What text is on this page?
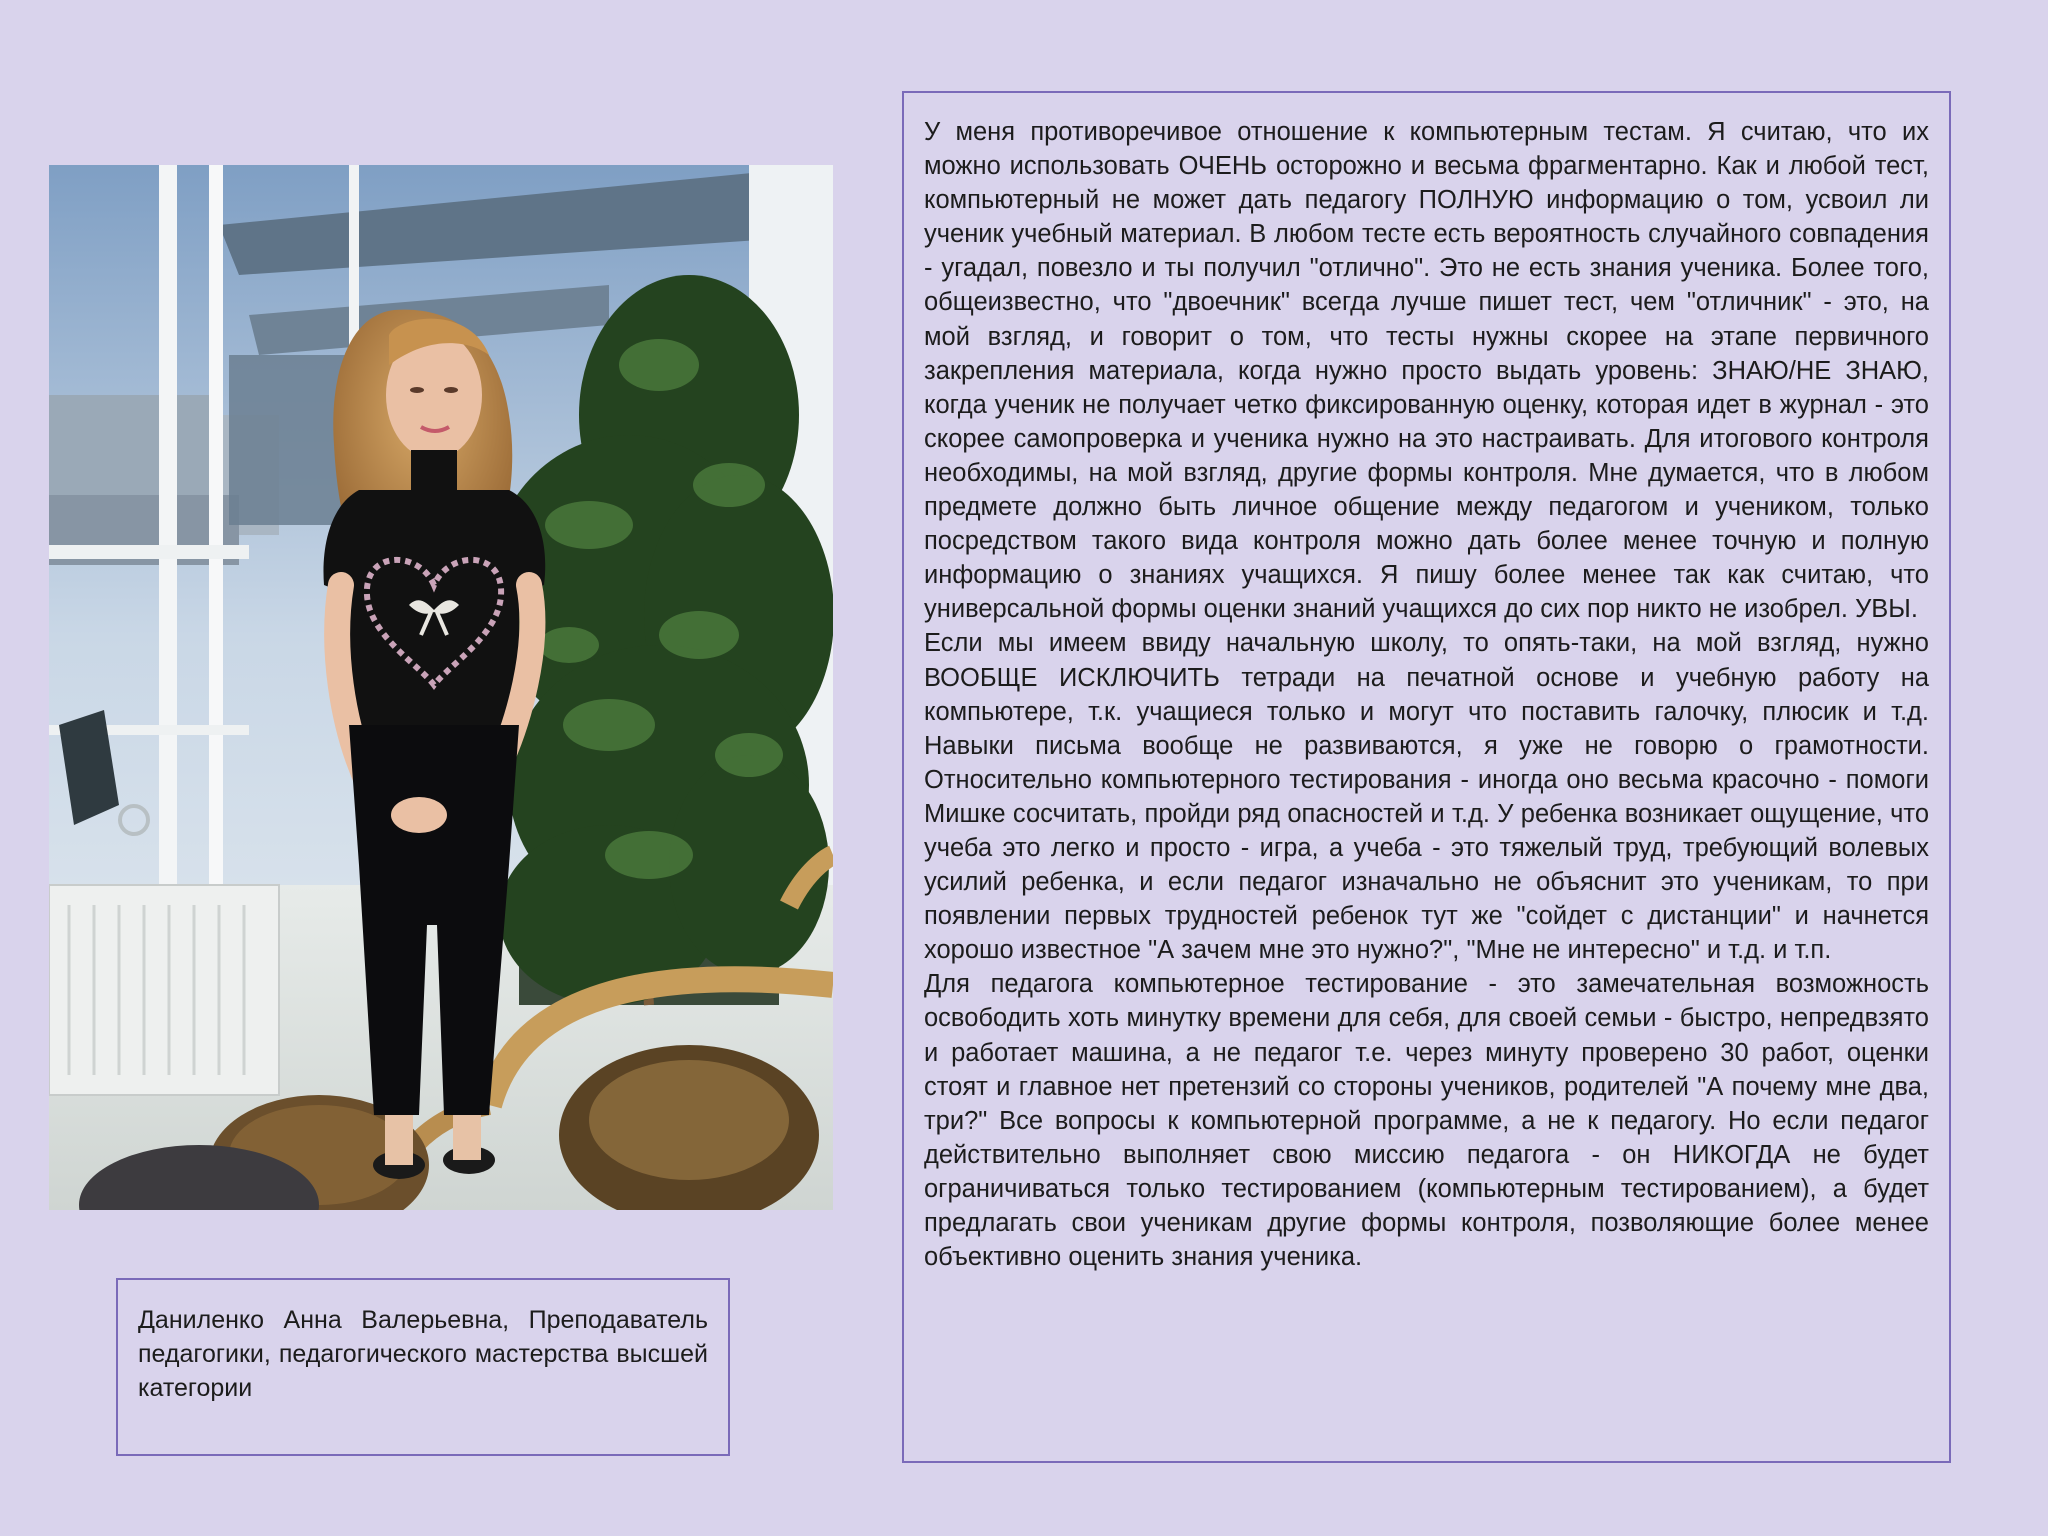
Даниленко Анна Валерьевна, Преподаватель педагогики, педагогического мастерства высшей категории

У меня противоречивое отношение к компьютерным тестам. Я считаю, что их можно использовать ОЧЕНЬ осторожно и весьма фрагментарно. Как и любой тест, компьютерный не может дать педагогу ПОЛНУЮ информацию о том, усвоил ли ученик учебный материал. В любом тесте есть вероятность случайного совпадения - угадал, повезло и ты получил "отлично". Это не есть знания ученика. Более того, общеизвестно, что "двоечник" всегда лучше пишет тест, чем "отличник" - это, на мой взгляд, и говорит о том, что тесты нужны скорее на этапе первичного закрепления материала, когда нужно просто выдать уровень: ЗНАЮ/НЕ ЗНАЮ, когда ученик не получает четко фиксированную оценку, которая идет в журнал - это скорее самопроверка и ученика нужно на это настраивать. Для итогового контроля необходимы, на мой взгляд, другие формы контроля. Мне думается, что в любом предмете должно быть личное общение между педагогом и учеником, только посредством такого вида контроля можно дать более менее точную и полную информацию о знаниях учащихся. Я пишу более менее так как считаю, что универсальной формы оценки знаний учащихся до сих пор никто не изобрел. УВЫ.

Если мы имеем ввиду начальную школу, то опять-таки, на мой взгляд, нужно ВООБЩЕ ИСКЛЮЧИТЬ тетради на печатной основе и учебную работу на компьютере, т.к. учащиеся только и могут что поставить галочку, плюсик и т.д. Навыки письма вообще не развиваются, я уже не говорю о грамотности. Относительно компьютерного тестирования - иногда оно весьма красочно - помоги Мишке сосчитать, пройди ряд опасностей и т.д. У ребенка возникает ощущение, что учеба это легко и просто - игра, а учеба - это тяжелый труд, требующий волевых усилий ребенка, и если педагог изначально не объяснит это ученикам, то при появлении первых трудностей ребенок тут же "сойдет с дистанции" и начнется хорошо известное "А зачем мне это нужно?", "Мне не интересно" и т.д. и т.п.

Для педагога компьютерное тестирование - это замечательная возможность освободить хоть минутку времени для себя, для своей семьи - быстро, непредвзято и работает машина, а не педагог т.е. через минуту проверено 30 работ, оценки стоят и главное нет претензий со стороны учеников, родителей "А почему мне два, три?" Все вопросы к компьютерной программе, а не к педагогу. Но если педагог действительно выполняет свою миссию педагога - он НИКОГДА не будет ограничиваться только тестированием (компьютерным тестированием), а будет предлагать свои ученикам другие формы контроля, позволяющие более менее объективно оценить знания ученика.
